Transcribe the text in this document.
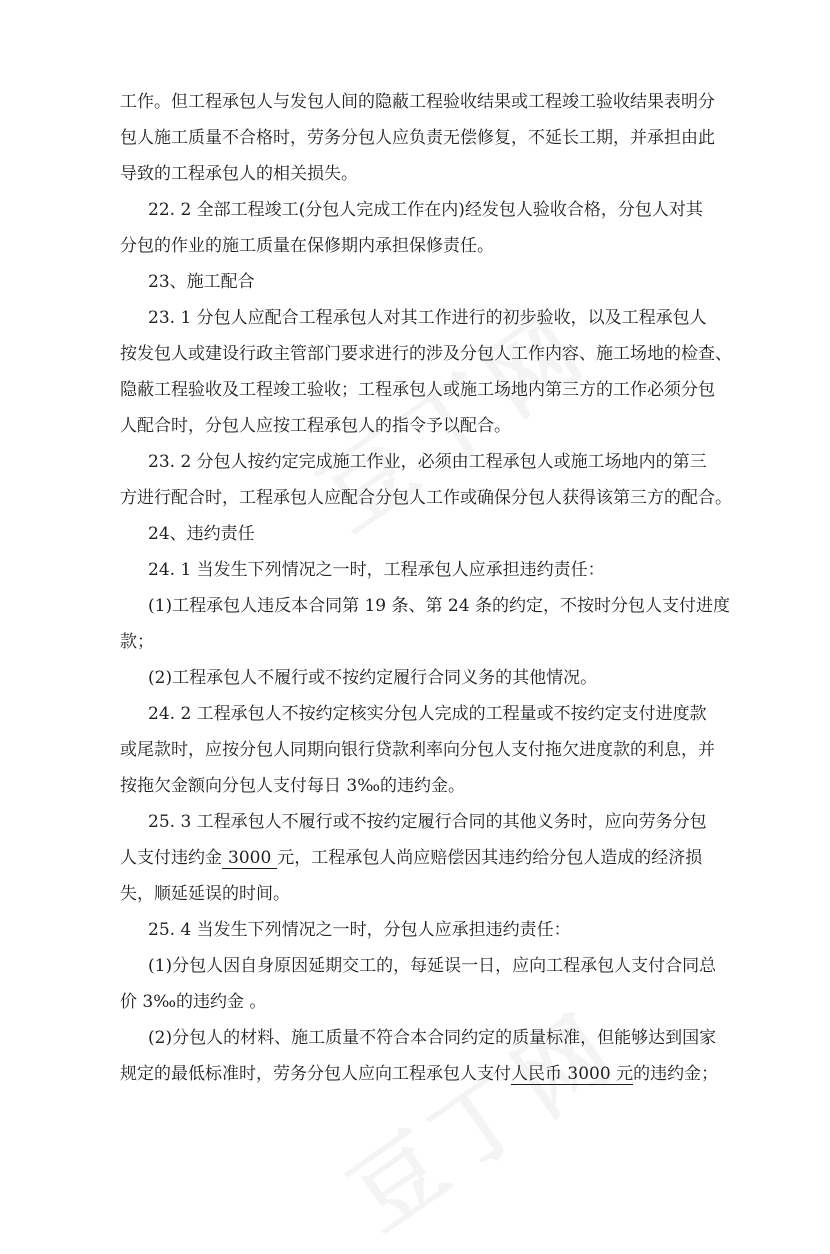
工作。但工程承包人与发包人间的隐蔽工程验收结果或工程竣工验收结果表明分
包人施工质量不合格时，劳务分包人应负责无偿修复，不延长工期，并承担由此
导致的工程承包人的相关损失。
22. 2 全部工程竣工(分包人完成工作在内)经发包人验收合格，分包人对其
分包的作业的施工质量在保修期内承担保修责任。
23、施工配合
23. 1 分包人应配合工程承包人对其工作进行的初步验收，以及工程承包人
按发包人或建设行政主管部门要求进行的涉及分包人工作内容、施工场地的检查、
隐蔽工程验收及工程竣工验收；工程承包人或施工场地内第三方的工作必须分包
人配合时，分包人应按工程承包人的指令予以配合。
23. 2 分包人按约定完成施工作业，必须由工程承包人或施工场地内的第三
方进行配合时，工程承包人应配合分包人工作或确保分包人获得该第三方的配合。
24、违约责任
24. 1 当发生下列情况之一时，工程承包人应承担违约责任：
(1)工程承包人违反本合同第 19 条、第 24 条的约定，不按时分包人支付进度
款；
(2)工程承包人不履行或不按约定履行合同义务的其他情况。
24. 2 工程承包人不按约定核实分包人完成的工程量或不按约定支付进度款
或尾款时，应按分包人同期向银行贷款利率向分包人支付拖欠进度款的利息，并
按拖欠金额向分包人支付每日 3‰的违约金。
25. 3 工程承包人不履行或不按约定履行合同的其他义务时，应向劳务分包
人支付违约金 3000 元，工程承包人尚应赔偿因其违约给分包人造成的经济损
失，顺延延误的时间。
25. 4 当发生下列情况之一时，分包人应承担违约责任：
(1)分包人因自身原因延期交工的，每延误一日，应向工程承包人支付合同总
价 3‰的违约金 。
(2)分包人的材料、施工质量不符合本合同约定的质量标准，但能够达到国家
规定的最低标准时，劳务分包人应向工程承包人支付人民币 3000 元的违约金；
